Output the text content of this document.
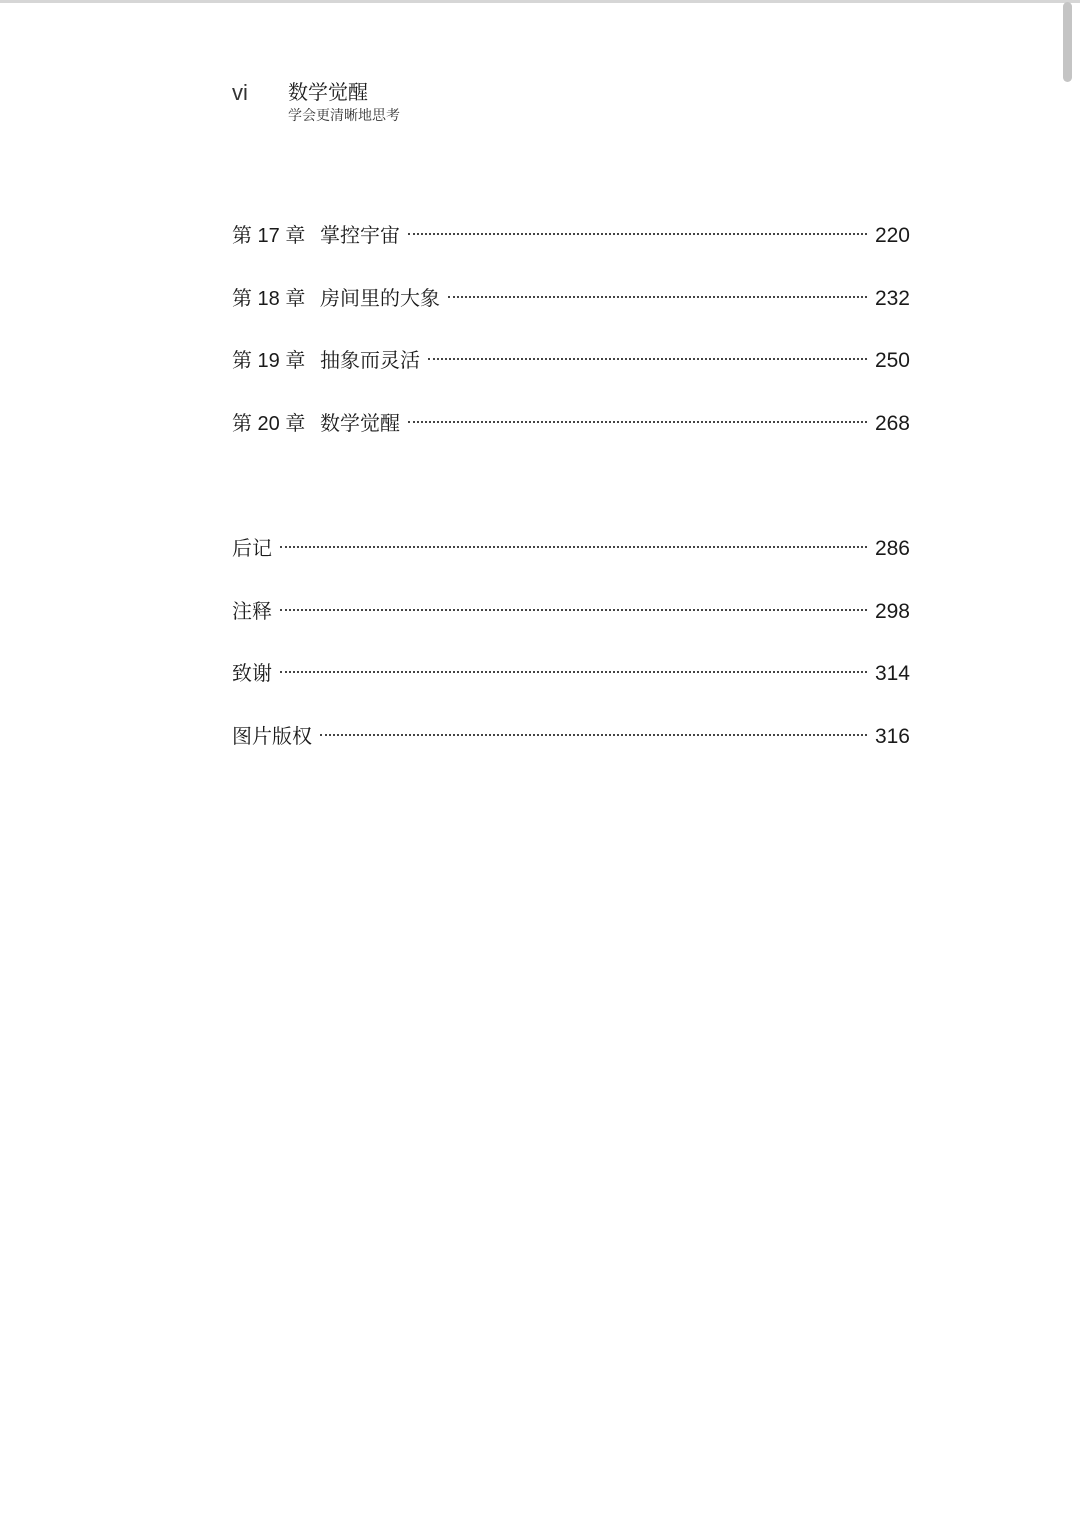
vi	数学觉醒
学会更清晰地思考
第 17 章 掌控宇宙	220
第 18 章 房间里的大象	232
第 19 章 抽象而灵活	250
第 20 章 数学觉醒	268
后记	286
注释	298
致谢	314
图片版权	316
